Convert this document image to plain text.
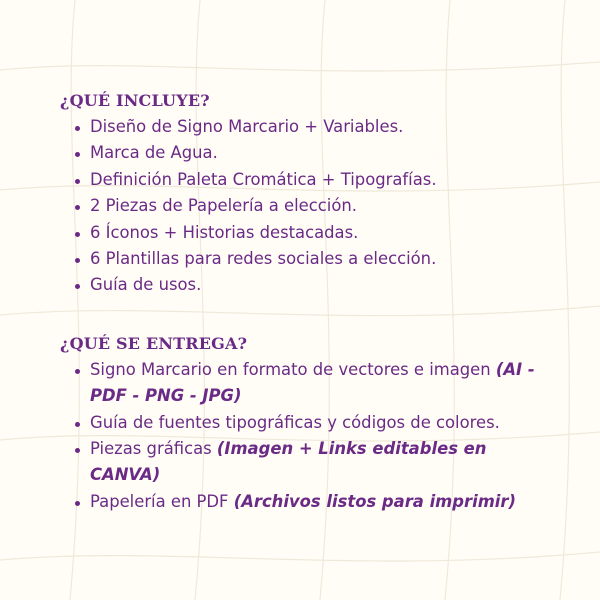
¿QUÉ INCLUYE?
Diseño de Signo Marcario + Variables.
Marca de Agua.
Definición Paleta Cromática + Tipografías.
2 Piezas de Papelería a elección.
6 Íconos + Historias destacadas.
6 Plantillas para redes sociales a elección.
Guía de usos.
¿QUÉ SE ENTREGA?
Signo Marcario en formato de vectores e imagen (AI - PDF - PNG - JPG)
Guía de fuentes tipográficas y códigos de colores.
Piezas gráficas (Imagen + Links editables en CANVA)
Papelería en PDF (Archivos listos para imprimir)
